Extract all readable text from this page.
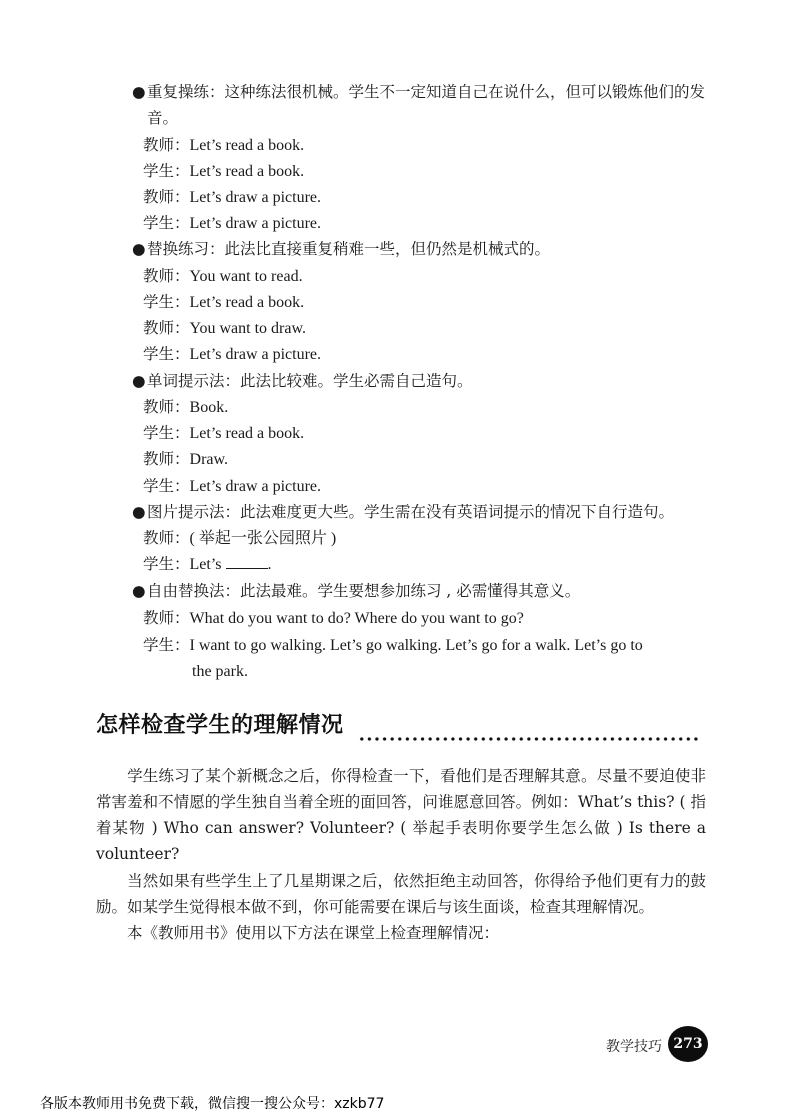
● 重复操练：这种练法很机械。学生不一定知道自己在说什么，但可以锻炼他们的发音。
教师：Let’s read a book.
学生：Let’s read a book.
教师：Let’s draw a picture.
学生：Let’s draw a picture.
● 替换练习：此法比直接重复稍难一些，但仍然是机械式的。
教师：You want to read.
学生：Let’s read a book.
教师：You want to draw.
学生：Let’s draw a picture.
● 单词提示法：此法比较难。学生必需自己造句。
教师：Book.
学生：Let’s read a book.
教师：Draw.
学生：Let’s draw a picture.
● 图片提示法：此法难度更大些。学生需在没有英语词提示的情况下自行造句。
教师：( 举起一张公园照片 )
学生：Let’s	.
● 自由替换法：此法最难。学生要想参加练习 , 必需懂得其意义。
教师：What do you want to do? Where do you want to go?
学生：I want to go walking. Let’s go walking. Let’s go for a walk. Let’s go to
the park.
怎样检查学生的理解情况
学生练习了某个新概念之后，你得检查一下，看他们是否理解其意。尽量不要迫使非常害羞和不情愿的学生独自当着全班的面回答，问谁愿意回答。例如：What’s this? ( 指着某物 ) Who can answer? Volunteer? ( 举起手表明你要学生怎么做 ) Is there a volunteer?
当然如果有些学生上了几星期课之后，依然拒绝主动回答，你得给予他们更有力的鼓励。如某学生觉得根本做不到，你可能需要在课后与该生面谈，检查其理解情况。
本《教师用书》使用以下方法在课堂上检查理解情况：
教学技巧 273
各版本教师用书免费下载，微信搜一搜公众号：xzkb77
